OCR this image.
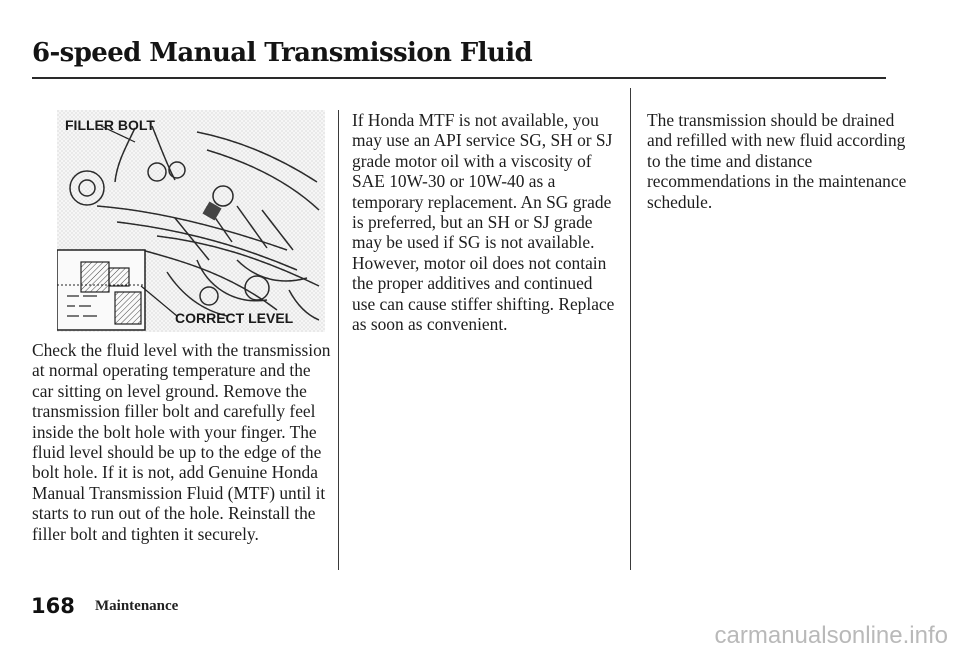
6-speed Manual Transmission Fluid
FILLER BOLT
CORRECT LEVEL

Check the fluid level with the transmission at normal operating temperature and the car sitting on level ground. Remove the transmission filler bolt and carefully feel inside the bolt hole with your finger. The fluid level should be up to the edge of the bolt hole. If it is not, add Genuine Honda Manual Transmission Fluid (MTF) until it starts to run out of the hole. Reinstall the filler bolt and tighten it securely.

If Honda MTF is not available, you may use an API service SG, SH or SJ grade motor oil with a viscosity of SAE 10W-30 or 10W-40 as a temporary replacement. An SG grade is preferred, but an SH or SJ grade may be used if SG is not available. However, motor oil does not contain the proper additives and continued use can cause stiffer shifting. Replace as soon as convenient.

The transmission should be drained and refilled with new fluid according to the time and distance recommendations in the maintenance schedule.

168 Maintenance
carmanualsonline.info
